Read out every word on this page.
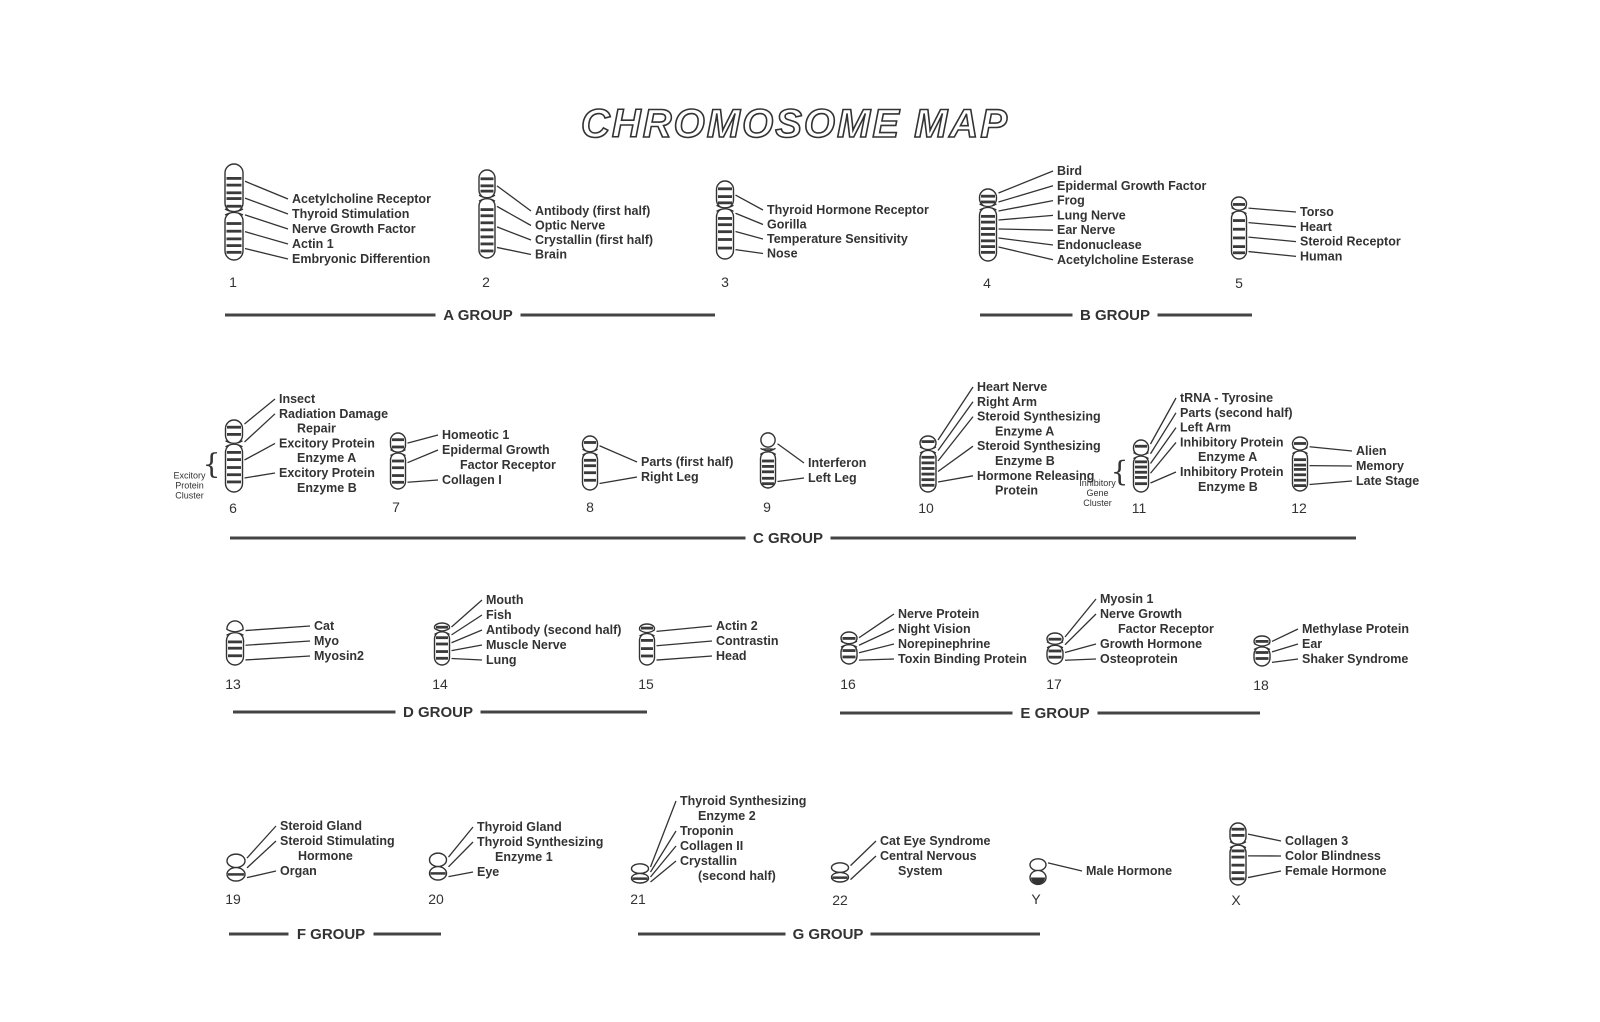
CHROMOSOME MAP
A GROUP	B GROUP
C GROUP
D GROUP	E GROUP
F GROUP	G GROUP
1
Acetylcholine Receptor
Thyroid Stimulation
Nerve Growth Factor
Actin 1
Embryonic Differention
2
Antibody (first half)
Optic Nerve
Crystallin (first half)
Brain
3
Thyroid Hormone Receptor
Gorilla
Temperature Sensitivity
Nose
4
Bird
Epidermal Growth Factor
Frog
Lung Nerve
Ear Nerve
Endonuclease
Acetylcholine Esterase
5
Torso
Heart
Steroid Receptor
Human
6
Insect
Radiation Damage
Repair
Excitory Protein
Enzyme A
Excitory Protein
Enzyme B
{
Excitory
Protein
Cluster
7
Homeotic 1
Epidermal Growth
Factor Receptor
Collagen I
8
Parts (first half)
Right Leg
9
Interferon
Left Leg
10
Heart Nerve
Right Arm
Steroid Synthesizing
Enzyme A
Steroid Synthesizing
Enzyme B
Hormone Releasing
Protein
11
tRNA - Tyrosine
Parts (second half)
Left Arm
Inhibitory Protein
Enzyme A
Inhibitory Protein
Enzyme B
{
Inhibitory
Gene
Cluster	12
Alien
Memory
Late Stage
13
Cat
Myo
Myosin2
14
Mouth
Fish
Antibody (second half)
Muscle Nerve
Lung
15
Actin 2
Contrastin
Head
16
Nerve Protein
Night Vision
Norepinephrine
Toxin Binding Protein
17
Myosin 1
Nerve Growth
Factor Receptor
Growth Hormone
Osteoprotein
18
Methylase Protein
Ear
Shaker Syndrome
19
Steroid Gland
Steroid Stimulating
Hormone
Organ
20
Thyroid Gland
Thyroid Synthesizing
Enzyme 1
Eye
21
Thyroid Synthesizing
Enzyme 2
Troponin
Collagen II
Crystallin
(second half)
22
Cat Eye Syndrome
Central Nervous
System
Y
Male Hormone
X
Collagen 3
Color Blindness
Female Hormone
